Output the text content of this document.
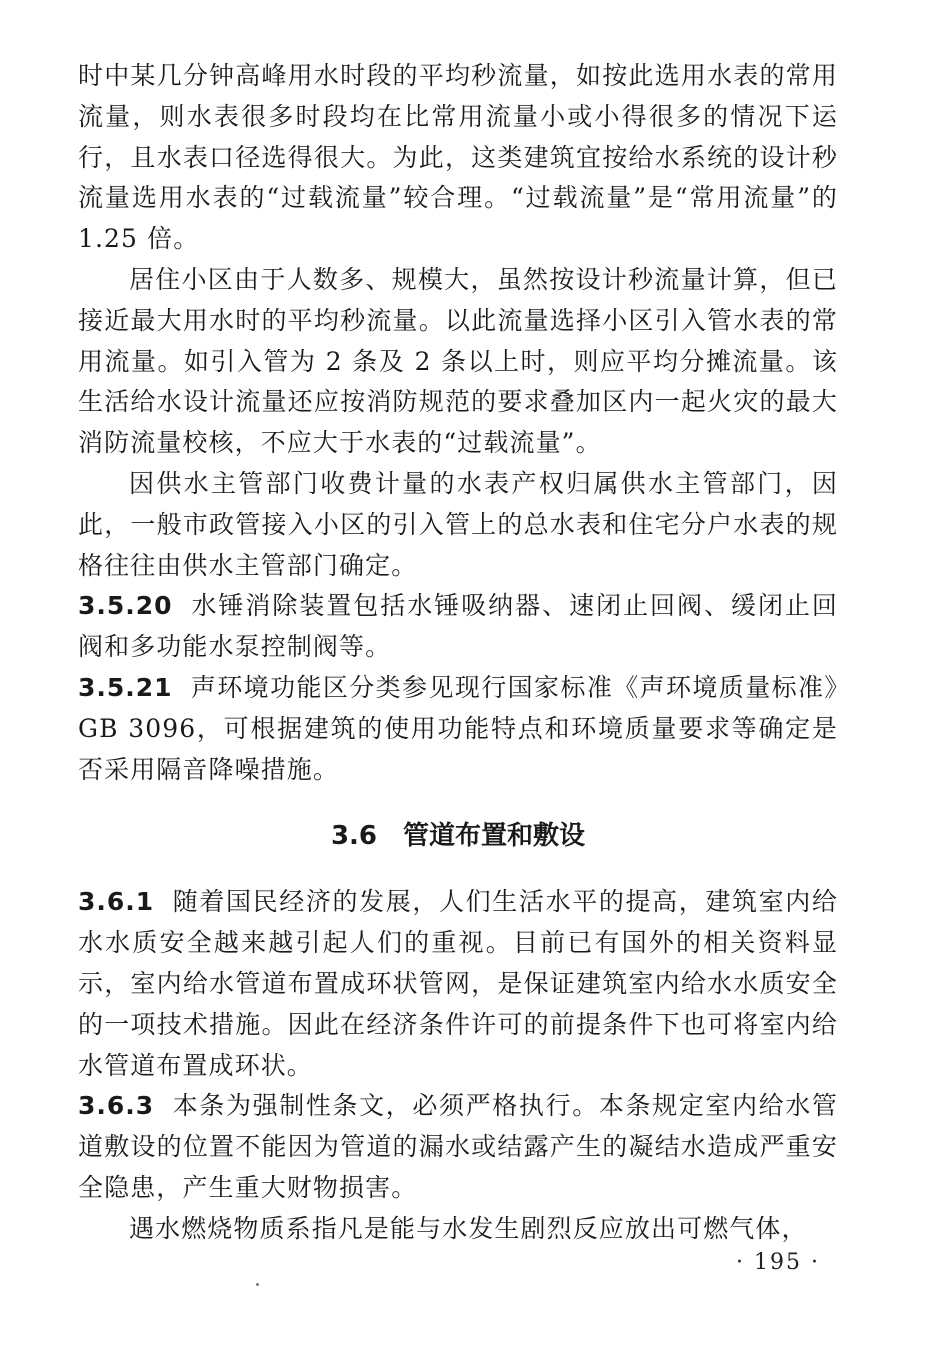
时中某几分钟高峰用水时段的平均秒流量，如按此选用水表的常用流量，则水表很多时段均在比常用流量小或小得很多的情况下运行，且水表口径选得很大。为此，这类建筑宜按给水系统的设计秒流量选用水表的“过载流量”较合理。“过载流量”是“常用流量”的 1.25 倍。

居住小区由于人数多、规模大，虽然按设计秒流量计算，但已接近最大用水时的平均秒流量。以此流量选择小区引入管水表的常用流量。如引入管为 2 条及 2 条以上时，则应平均分摊流量。该生活给水设计流量还应按消防规范的要求叠加区内一起火灾的最大消防流量校核，不应大于水表的“过载流量”。

因供水主管部门收费计量的水表产权归属供水主管部门，因此，一般市政管接入小区的引入管上的总水表和住宅分户水表的规格往往由供水主管部门确定。

3.5.20 水锤消除装置包括水锤吸纳器、速闭止回阀、缓闭止回阀和多功能水泵控制阀等。

3.5.21 声环境功能区分类参见现行国家标准《声环境质量标准》GB 3096，可根据建筑的使用功能特点和环境质量要求等确定是否采用隔音降噪措施。

3.6 管道布置和敷设

3.6.1 随着国民经济的发展，人们生活水平的提高，建筑室内给水水质安全越来越引起人们的重视。目前已有国外的相关资料显示，室内给水管道布置成环状管网，是保证建筑室内给水水质安全的一项技术措施。因此在经济条件许可的前提条件下也可将室内给水管道布置成环状。

3.6.3 本条为强制性条文，必须严格执行。本条规定室内给水管道敷设的位置不能因为管道的漏水或结露产生的凝结水造成严重安全隐患，产生重大财物损害。

遇水燃烧物质系指凡是能与水发生剧烈反应放出可燃气体，

· 195 ·
